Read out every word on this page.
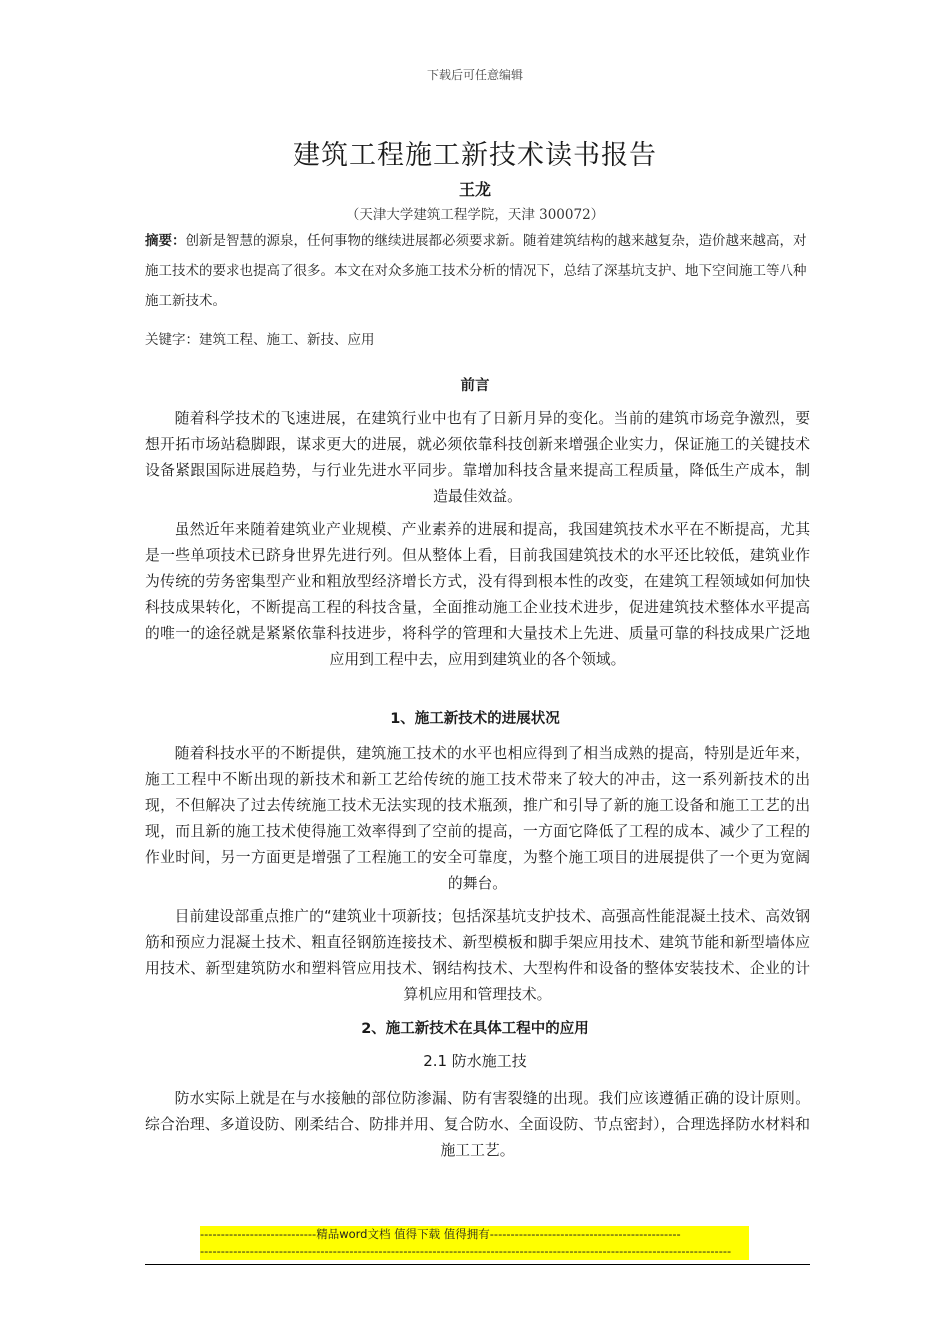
下载后可任意编辑
建筑工程施工新技术读书报告
王龙
（天津大学建筑工程学院，天津 300072）
摘要：创新是智慧的源泉，任何事物的继续进展都必须要求新。随着建筑结构的越来越复杂，造价越来越高，对施工技术的要求也提高了很多。本文在对众多施工技术分析的情况下，总结了深基坑支护、地下空间施工等八种施工新技术。
关键字：建筑工程、施工、新技、应用
前言

随着科学技术的飞速进展，在建筑行业中也有了日新月异的变化。当前的建筑市场竞争激烈，要想开拓市场站稳脚跟，谋求更大的进展，就必须依靠科技创新来增强企业实力，保证施工的关键技术设备紧跟国际进展趋势，与行业先进水平同步。靠增加科技含量来提高工程质量，降低生产成本，制造最佳效益。

虽然近年来随着建筑业产业规模、产业素养的进展和提高，我国建筑技术水平在不断提高，尤其是一些单项技术已跻身世界先进行列。但从整体上看，目前我国建筑技术的水平还比较低，建筑业作为传统的劳务密集型产业和粗放型经济增长方式，没有得到根本性的改变，在建筑工程领域如何加快科技成果转化，不断提高工程的科技含量，全面推动施工企业技术进步，促进建筑技术整体水平提高的唯一的途径就是紧紧依靠科技进步，将科学的管理和大量技术上先进、质量可靠的科技成果广泛地应用到工程中去，应用到建筑业的各个领域。

1、施工新技术的进展状况

随着科技水平的不断提供，建筑施工技术的水平也相应得到了相当成熟的提高，特别是近年来，施工工程中不断出现的新技术和新工艺给传统的施工技术带来了较大的冲击，这一系列新技术的出现，不但解决了过去传统施工技术无法实现的技术瓶颈，推广和引导了新的施工设备和施工工艺的出现，而且新的施工技术使得施工效率得到了空前的提高，一方面它降低了工程的成本、减少了工程的作业时间，另一方面更是增强了工程施工的安全可靠度，为整个施工项目的进展提供了一个更为宽阔的舞台。

目前建设部重点推广的“建筑业十项新技；包括深基坑支护技术、高强高性能混凝土技术、高效钢筋和预应力混凝土技术、粗直径钢筋连接技术、新型模板和脚手架应用技术、建筑节能和新型墙体应用技术、新型建筑防水和塑料管应用技术、钢结构技术、大型构件和设备的整体安装技术、企业的计算机应用和管理技术。

2、施工新技术在具体工程中的应用
2.1 防水施工技

防水实际上就是在与水接触的部位防渗漏、防有害裂缝的出现。我们应该遵循正确的设计原则。综合治理、多道设防、刚柔结合、防排并用、复合防水、全面设防、节点密封），合理选择防水材料和施工工艺。

----------------------------精品word文档 值得下载 值得拥有----------------------------------------------
--------------------------------------------------------------------------------------------------------------------------------
